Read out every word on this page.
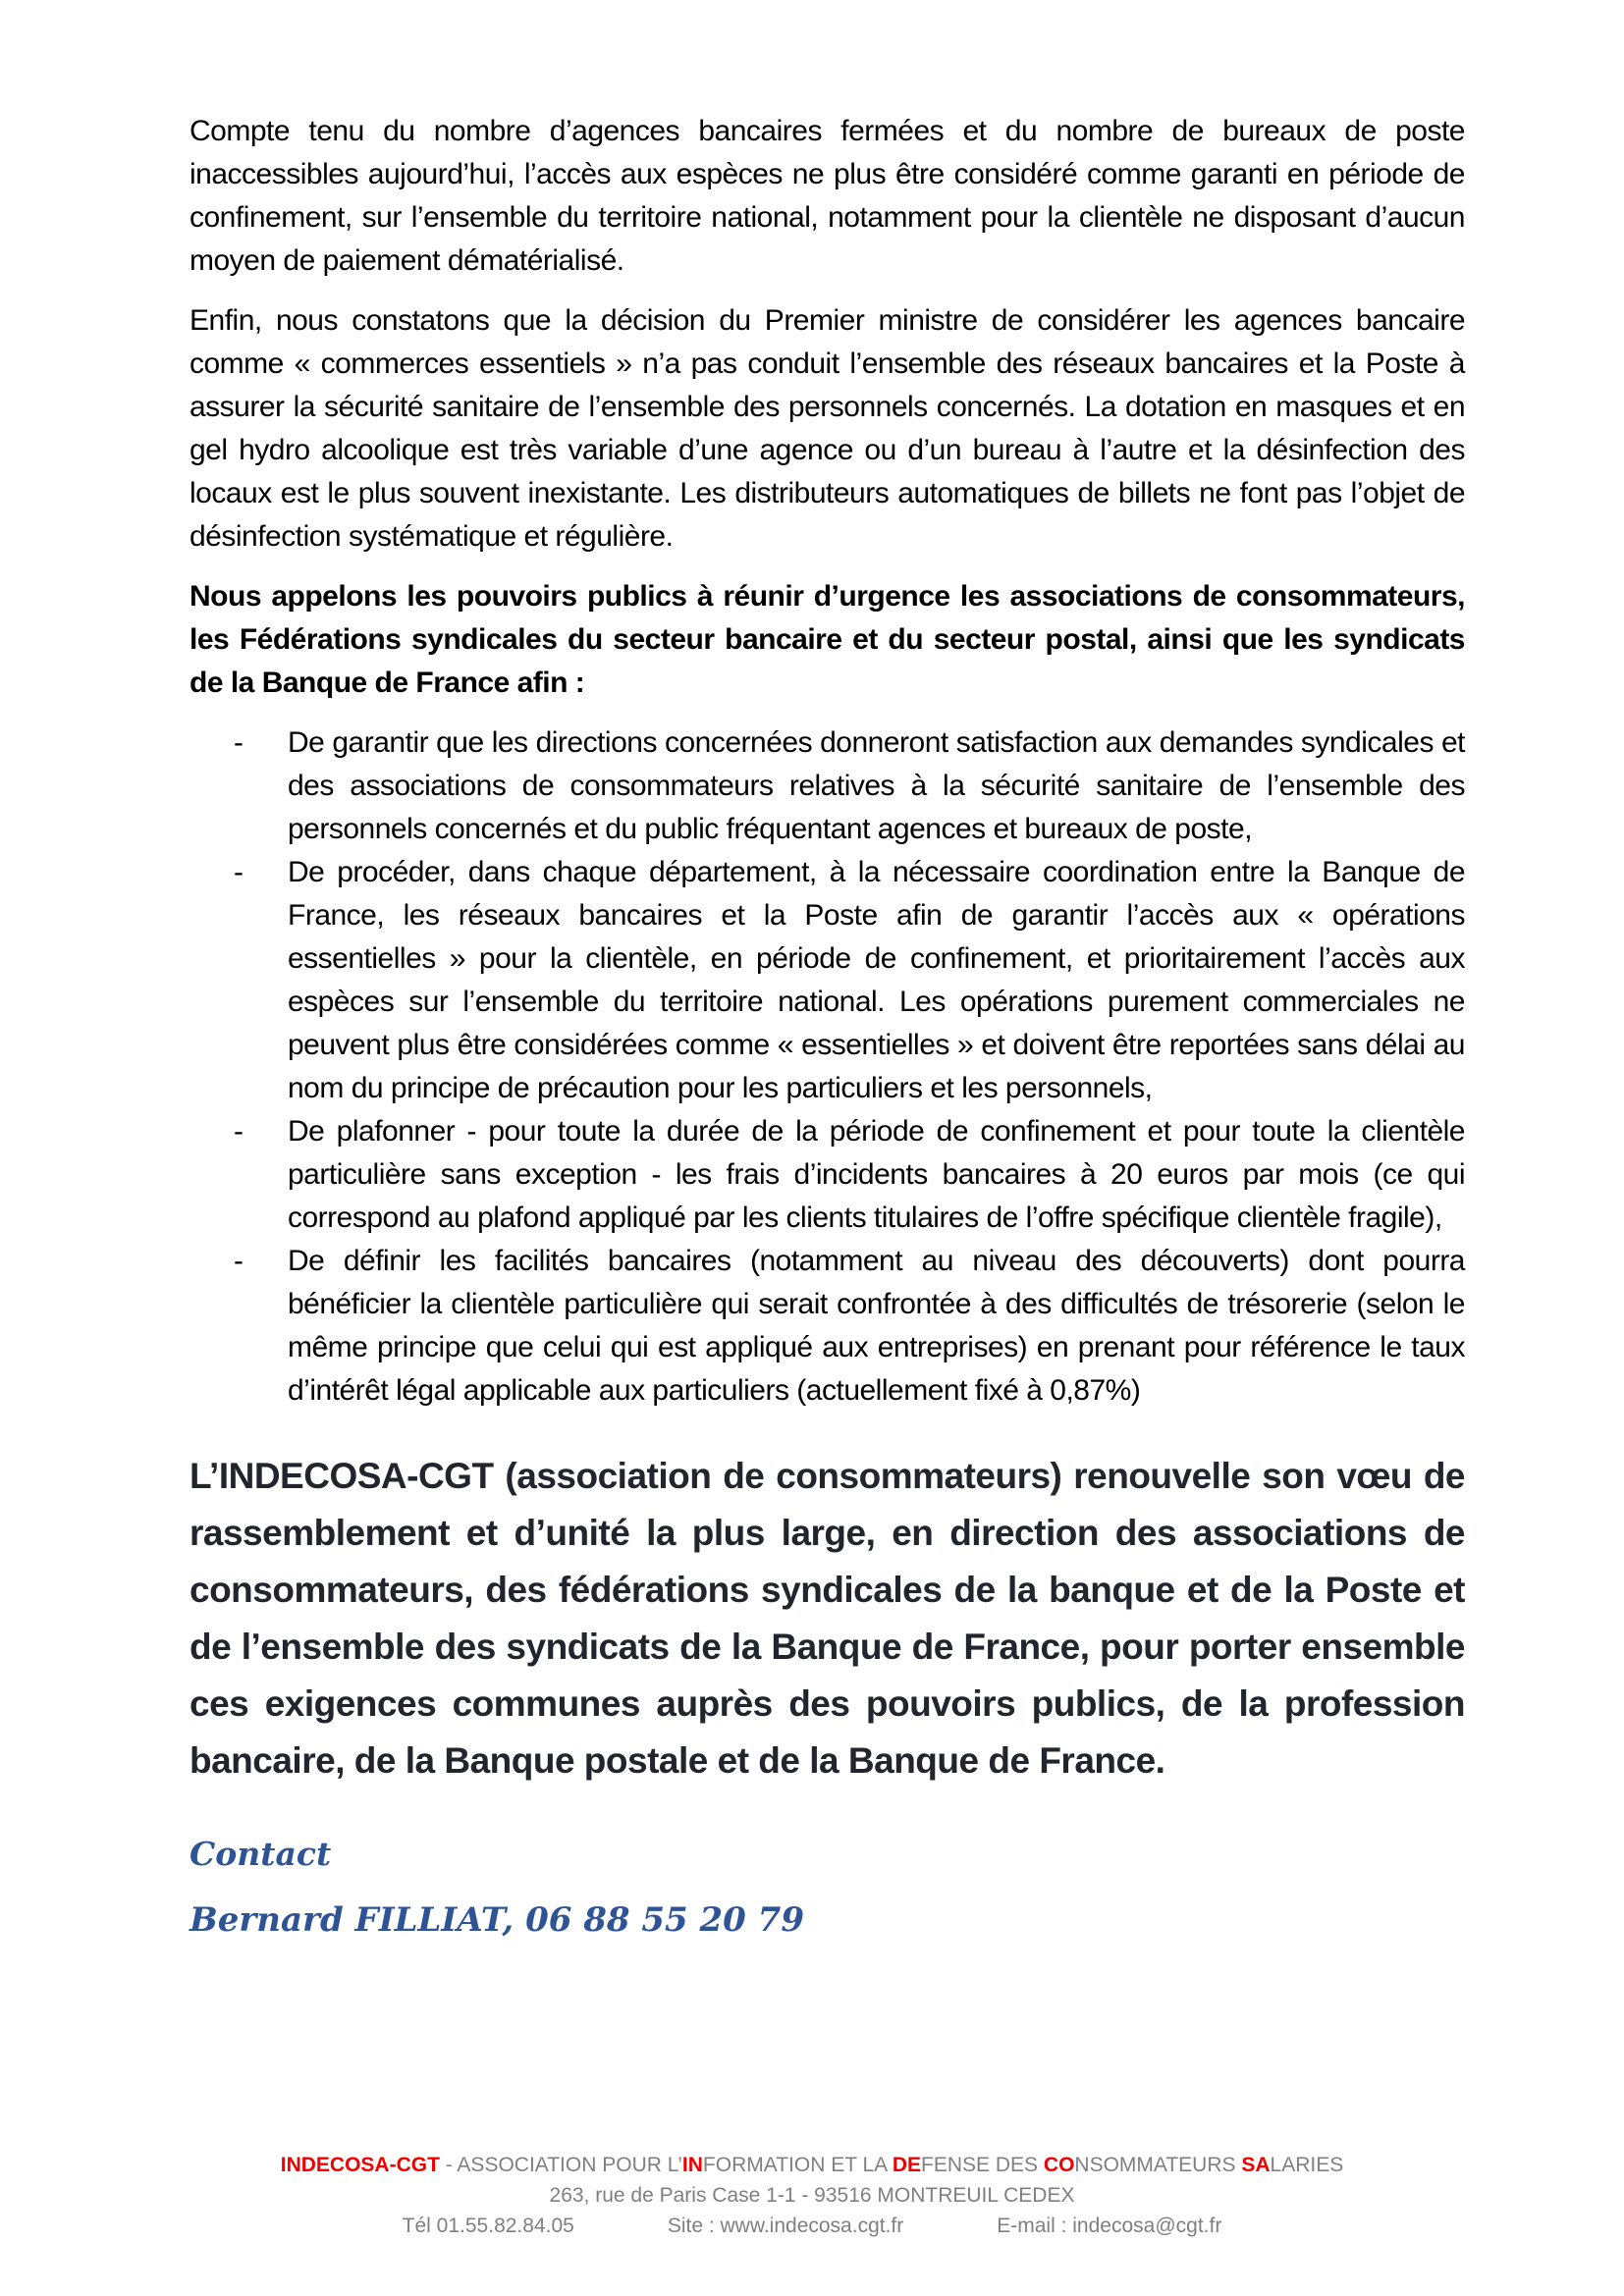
Compte tenu du nombre d’agences bancaires fermées et du nombre de bureaux de poste inaccessibles aujourd’hui, l’accès aux espèces ne plus être considéré comme garanti en période de confinement, sur l’ensemble du territoire national, notamment pour la clientèle ne disposant d’aucun moyen de paiement dématérialisé.

Enfin, nous constatons que la décision du Premier ministre de considérer les agences bancaire comme « commerces essentiels » n’a pas conduit l’ensemble des réseaux bancaires et la Poste à assurer la sécurité sanitaire de l’ensemble des personnels concernés. La dotation en masques et en gel hydro alcoolique est très variable d’une agence ou d’un bureau à l’autre et la désinfection des locaux est le plus souvent inexistante. Les distributeurs automatiques de billets ne font pas l’objet de désinfection systématique et régulière.

Nous appelons les pouvoirs publics à réunir d’urgence les associations de consommateurs, les Fédérations syndicales du secteur bancaire et du secteur postal, ainsi que les syndicats de la Banque de France afin :

- De garantir que les directions concernées donneront satisfaction aux demandes syndicales et des associations de consommateurs relatives à la sécurité sanitaire de l’ensemble des personnels concernés et du public fréquentant agences et bureaux de poste,
- De procéder, dans chaque département, à la nécessaire coordination entre la Banque de France, les réseaux bancaires et la Poste afin de garantir l’accès aux « opérations essentielles » pour la clientèle, en période de confinement, et prioritairement l’accès aux espèces sur l’ensemble du territoire national. Les opérations purement commerciales ne peuvent plus être considérées comme « essentielles » et doivent être reportées sans délai au nom du principe de précaution pour les particuliers et les personnels,
- De plafonner - pour toute la durée de la période de confinement et pour toute la clientèle particulière sans exception - les frais d’incidents bancaires à 20 euros par mois (ce qui correspond au plafond appliqué par les clients titulaires de l’offre spécifique clientèle fragile),
- De définir les facilités bancaires (notamment au niveau des découverts) dont pourra bénéficier la clientèle particulière qui serait confrontée à des difficultés de trésorerie (selon le même principe que celui qui est appliqué aux entreprises) en prenant pour référence le taux d’intérêt légal applicable aux particuliers (actuellement fixé à 0,87%)

L’INDECOSA-CGT (association de consommateurs) renouvelle son vœu de rassemblement et d’unité la plus large, en direction des associations de consommateurs, des fédérations syndicales de la banque et de la Poste et de l’ensemble des syndicats de la Banque de France, pour porter ensemble ces exigences communes auprès des pouvoirs publics, de la profession bancaire, de la Banque postale et de la Banque de France.

Contact
Bernard FILLIAT, 06 88 55 20 79
INDECOSA-CGT - ASSOCIATION POUR L’INFORMATION ET LA DEFENSE DES CONSOMMATEURS SALARIES
263, rue de Paris Case 1-1 - 93516 MONTREUIL CEDEX
Tél 01.55.82.84.05	Site : www.indecosa.cgt.fr	E-mail : indecosa@cgt.fr
